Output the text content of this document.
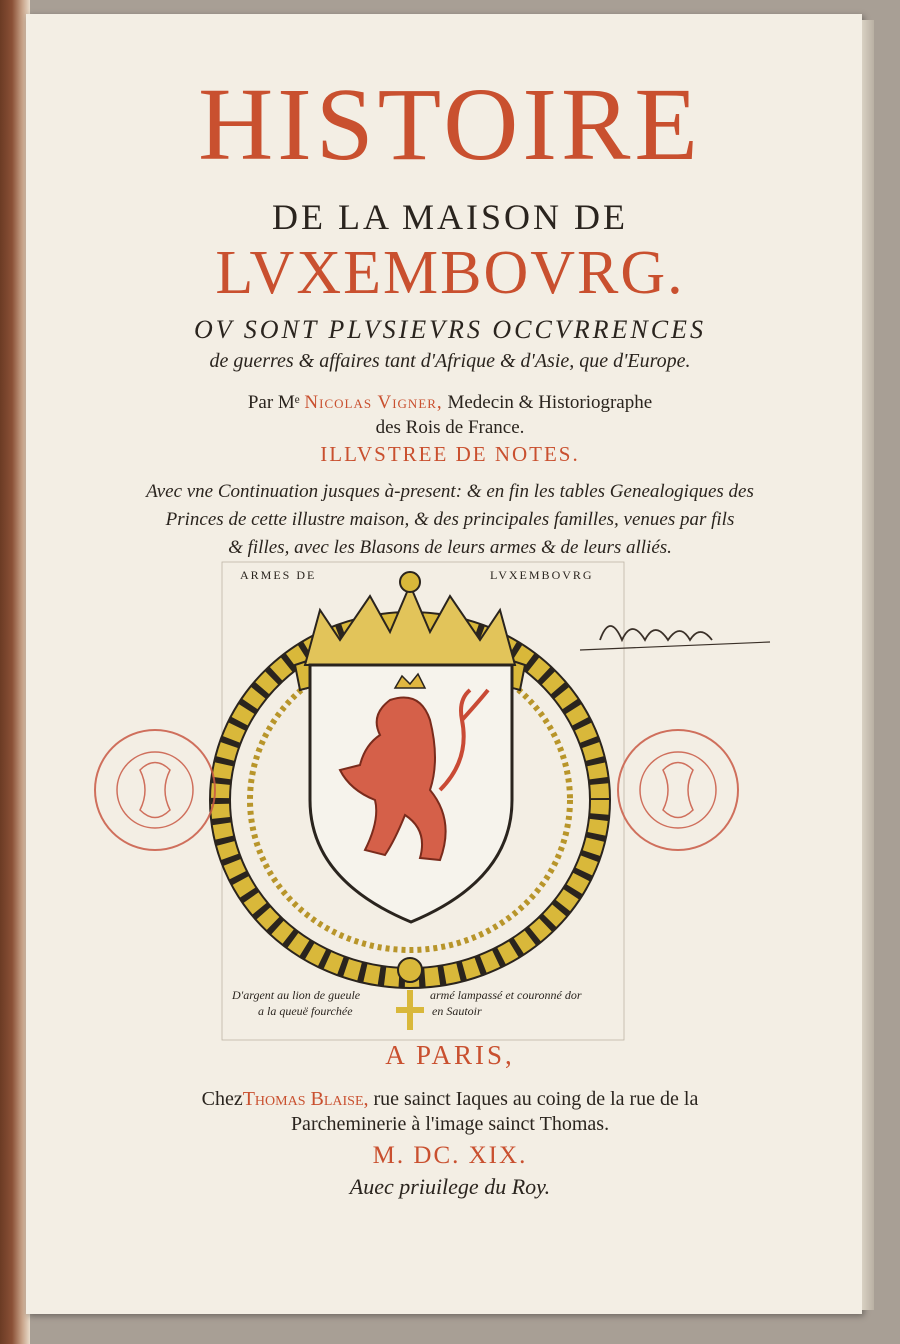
HISTOIRE
DE LA MAISON DE
LVXEMBOVRG.
OV SONT PLVSIEVRS OCCVRRENCES
de guerres & affaires tant d'Afrique & d'Asie, que d'Europe.
Par Mᵉ Nicolas Vigner, Medecin & Historiographe
des Rois de France.
ILLVSTREE DE NOTES.
Avec vne Continuation jusques à-present: & en fin les tables Genealogiques des
Princes de cette illustre maison, & des principales familles, venues par fils
& filles, avec les Blasons de leurs armes & de leurs alliés.
ARMES DE	LVXEMBOVRG
D'argent au lion de gueule	armé lampassé et couronné dor
a la queuë fourchée	en Sautoir
A PARIS,
ChezThomas Blaise, rue sainct Iaques au coing de la rue de la
Parcheminerie à l'image sainct Thomas.
M. DC. XIX.
Auec priuilege du Roy.
